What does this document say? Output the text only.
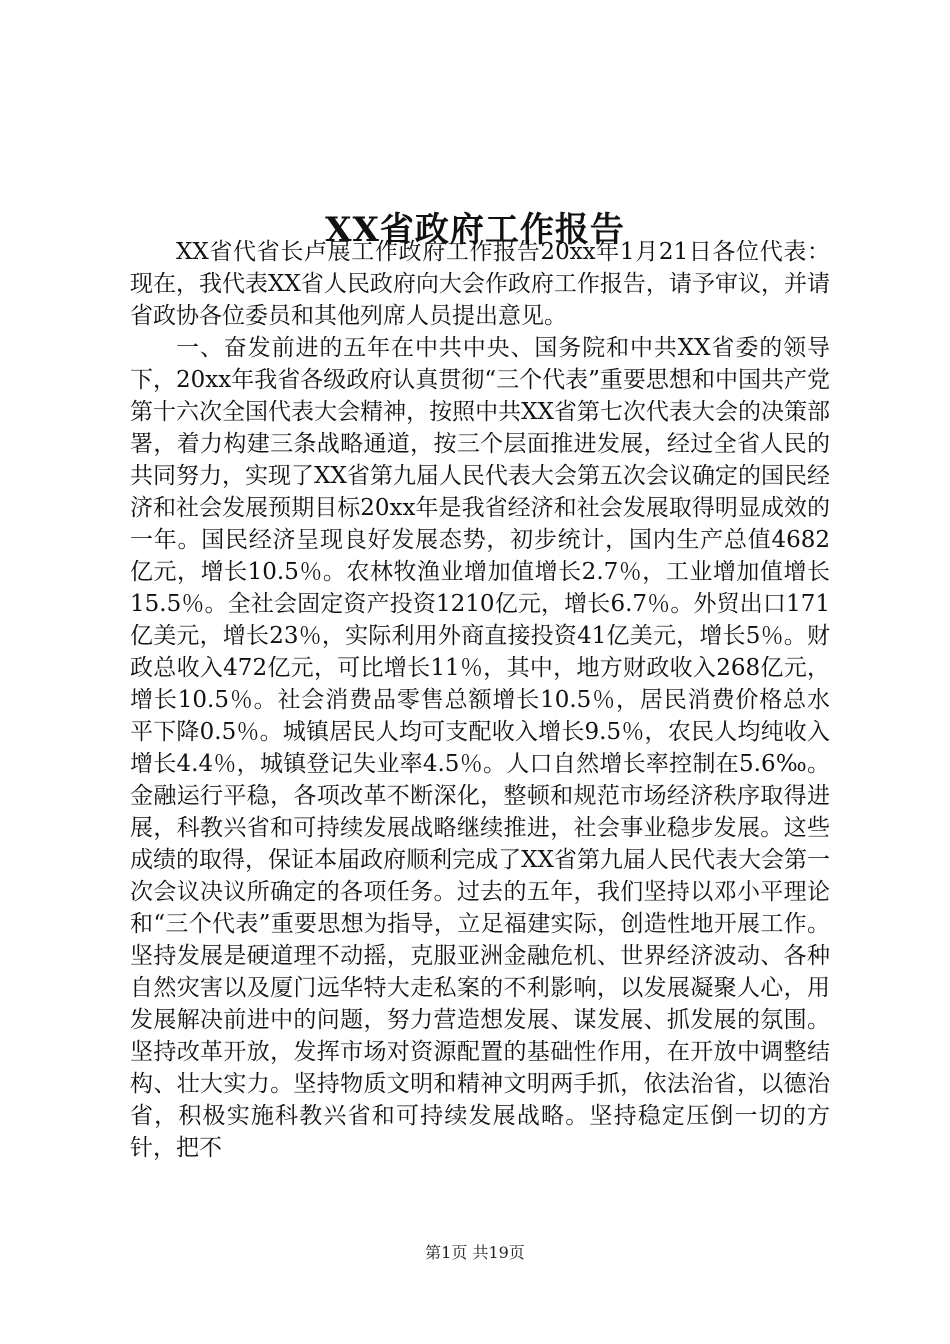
XX省政府工作报告

XX省代省长卢展工作政府工作报告20xx年1月21日各位代表：现在，我代表XX省人民政府向大会作政府工作报告，请予审议，并请省政协各位委员和其他列席人员提出意见。

一、奋发前进的五年在中共中央、国务院和中共XX省委的领导下，20xx年我省各级政府认真贯彻“三个代表”重要思想和中国共产党第十六次全国代表大会精神，按照中共XX省第七次代表大会的决策部署，着力构建三条战略通道，按三个层面推进发展，经过全省人民的共同努力，实现了XX省第九届人民代表大会第五次会议确定的国民经济和社会发展预期目标20xx年是我省经济和社会发展取得明显成效的一年。国民经济呈现良好发展态势，初步统计，国内生产总值4682亿元，增长10.5％。农林牧渔业增加值增长2.7％，工业增加值增长15.5％。全社会固定资产投资1210亿元，增长6.7％。外贸出口171亿美元，增长23％，实际利用外商直接投资41亿美元，增长5％。财政总收入472亿元，可比增长11％，其中，地方财政收入268亿元，增长10.5％。社会消费品零售总额增长10.5％，居民消费价格总水平下降0.5％。城镇居民人均可支配收入增长9.5％，农民人均纯收入增长4.4％，城镇登记失业率4.5％。人口自然增长率控制在5.6‰。金融运行平稳，各项改革不断深化，整顿和规范市场经济秩序取得进展，科教兴省和可持续发展战略继续推进，社会事业稳步发展。这些成绩的取得，保证本届政府顺利完成了XX省第九届人民代表大会第一次会议决议所确定的各项任务。过去的五年，我们坚持以邓小平理论和“三个代表”重要思想为指导，立足福建实际，创造性地开展工作。坚持发展是硬道理不动摇，克服亚洲金融危机、世界经济波动、各种自然灾害以及厦门远华特大走私案的不利影响，以发展凝聚人心，用发展解决前进中的问题，努力营造想发展、谋发展、抓发展的氛围。坚持改革开放，发挥市场对资源配置的基础性作用，在开放中调整结构、壮大实力。坚持物质文明和精神文明两手抓，依法治省，以德治省，积极实施科教兴省和可持续发展战略。坚持稳定压倒一切的方针，把不

第1页 共19页
